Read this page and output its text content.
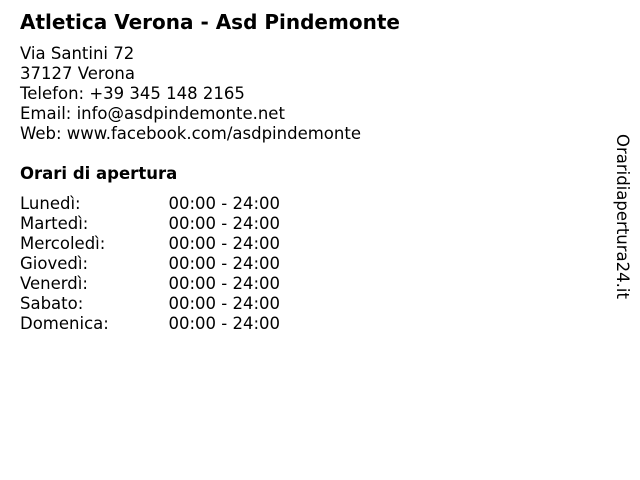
Atletica Verona - Asd Pindemonte
Via Santini 72
37127 Verona
Telefon: +39 345 148 2165
Email: info@asdpindemonte.net
Web: www.facebook.com/asdpindemonte
Orari di apertura
Lunedì:	00:00 - 24:00
Martedì:	00:00 - 24:00
Mercoledì:	00:00 - 24:00
Giovedì:	00:00 - 24:00
Venerdì:	00:00 - 24:00
Sabato:	00:00 - 24:00
Domenica:	00:00 - 24:00
Oraridiapertura24.it
